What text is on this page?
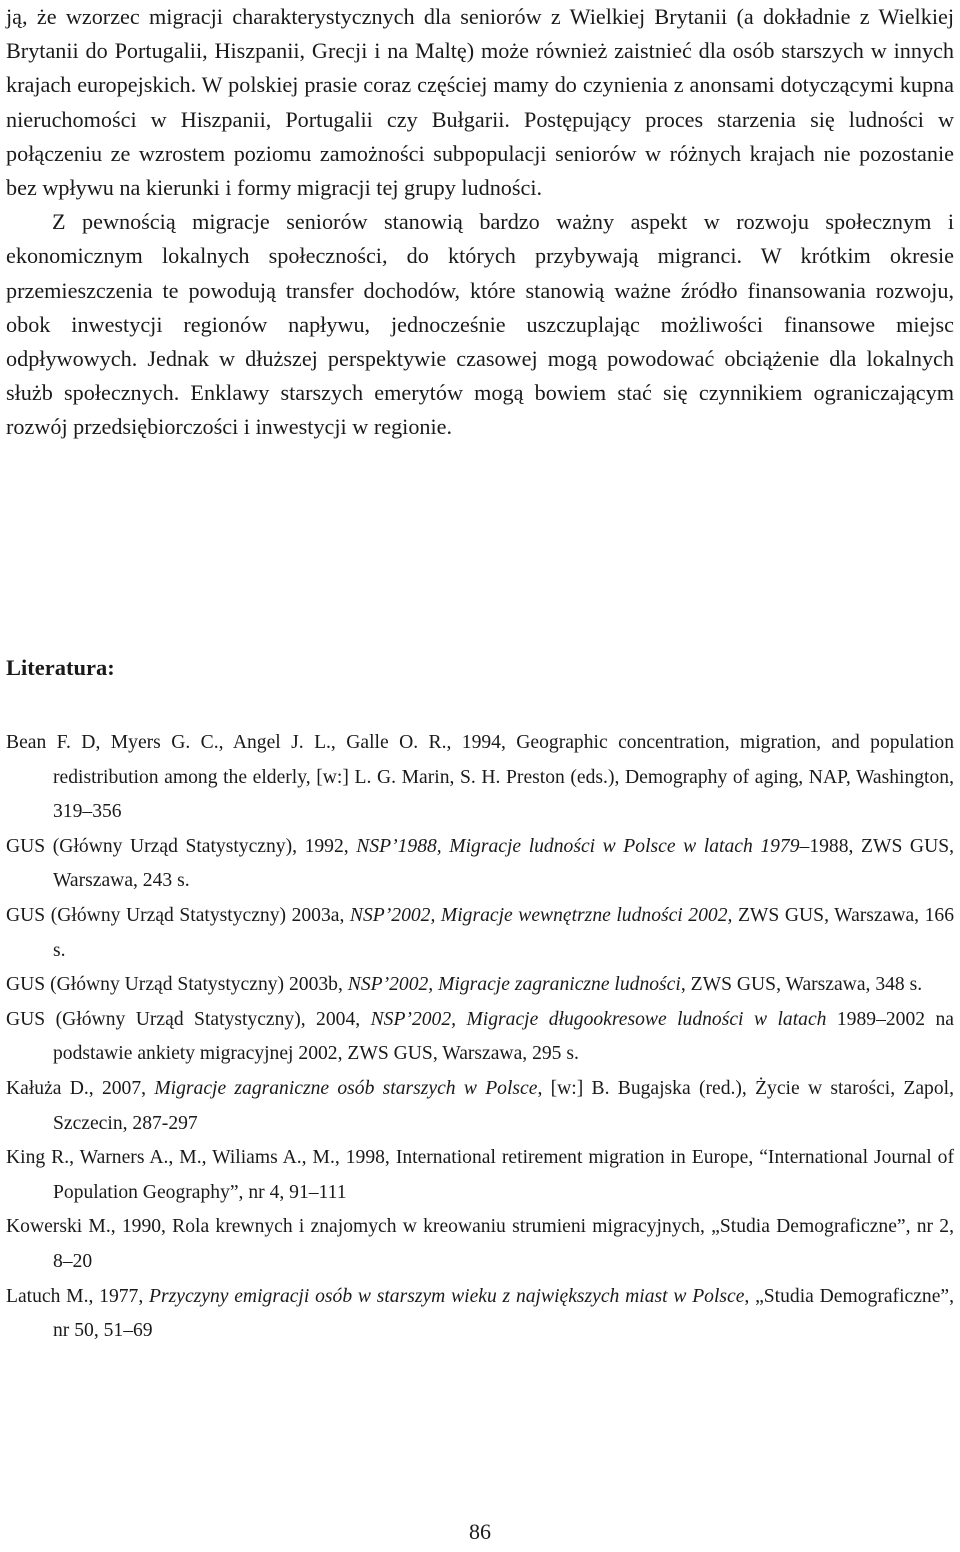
ją, że wzorzec migracji charakterystycznych dla seniorów z Wielkiej Brytanii (a dokładnie z Wielkiej Brytanii do Portugalii, Hiszpanii, Grecji i na Maltę) może również zaistnieć dla osób starszych w innych krajach europejskich. W polskiej prasie coraz częściej mamy do czynienia z anonsami dotyczącymi kupna nieruchomości w Hiszpanii, Portugalii czy Bułgarii. Postępujący proces starzenia się ludności w połączeniu ze wzrostem poziomu zamożności subpopulacji seniorów w różnych krajach nie pozostanie bez wpływu na kierunki i formy migracji tej grupy ludności.

Z pewnością migracje seniorów stanowią bardzo ważny aspekt w rozwoju społecznym i ekonomicznym lokalnych społeczności, do których przybywają migranci. W krótkim okresie przemieszczenia te powodują transfer dochodów, które stanowią ważne źródło finansowania rozwoju, obok inwestycji regionów napływu, jednocześnie uszczuplając możliwości finansowe miejsc odpływowych. Jednak w dłuższej perspektywie czasowej mogą powodować obciążenie dla lokalnych służb społecznych. Enklawy starszych emerytów mogą bowiem stać się czynnikiem ograniczającym rozwój przedsiębiorczości i inwestycji w regionie.

Literatura:
Bean F. D, Myers G. C., Angel J. L., Galle O. R., 1994, Geographic concentration, migration, and population redistribution among the elderly, [w:] L. G. Marin, S. H. Preston (eds.), Demography of aging, NAP, Washington, 319–356
GUS (Główny Urząd Statystyczny), 1992, NSP’1988, Migracje ludności w Polsce w latach 1979–1988, ZWS GUS, Warszawa, 243 s.
GUS (Główny Urząd Statystyczny) 2003a, NSP’2002, Migracje wewnętrzne ludności 2002, ZWS GUS, Warszawa, 166 s.
GUS (Główny Urząd Statystyczny) 2003b, NSP’2002, Migracje zagraniczne ludności, ZWS GUS, Warszawa, 348 s.
GUS (Główny Urząd Statystyczny), 2004, NSP’2002, Migracje długookresowe ludności w latach 1989–2002 na podstawie ankiety migracyjnej 2002, ZWS GUS, Warszawa, 295 s.
Kałuża D., 2007, Migracje zagraniczne osób starszych w Polsce, [w:] B. Bugajska (red.), Życie w starości, Zapol, Szczecin, 287-297
King R., Warners A., M., Wiliams A., M., 1998, International retirement migration in Europe, “International Journal of Population Geography”, nr 4, 91–111
Kowerski M., 1990, Rola krewnych i znajomych w kreowaniu strumieni migracyjnych, „Studia Demograficzne”, nr 2, 8–20
Latuch M., 1977, Przyczyny emigracji osób w starszym wieku z największych miast w Polsce, „Studia Demograficzne”, nr 50, 51–69
86
